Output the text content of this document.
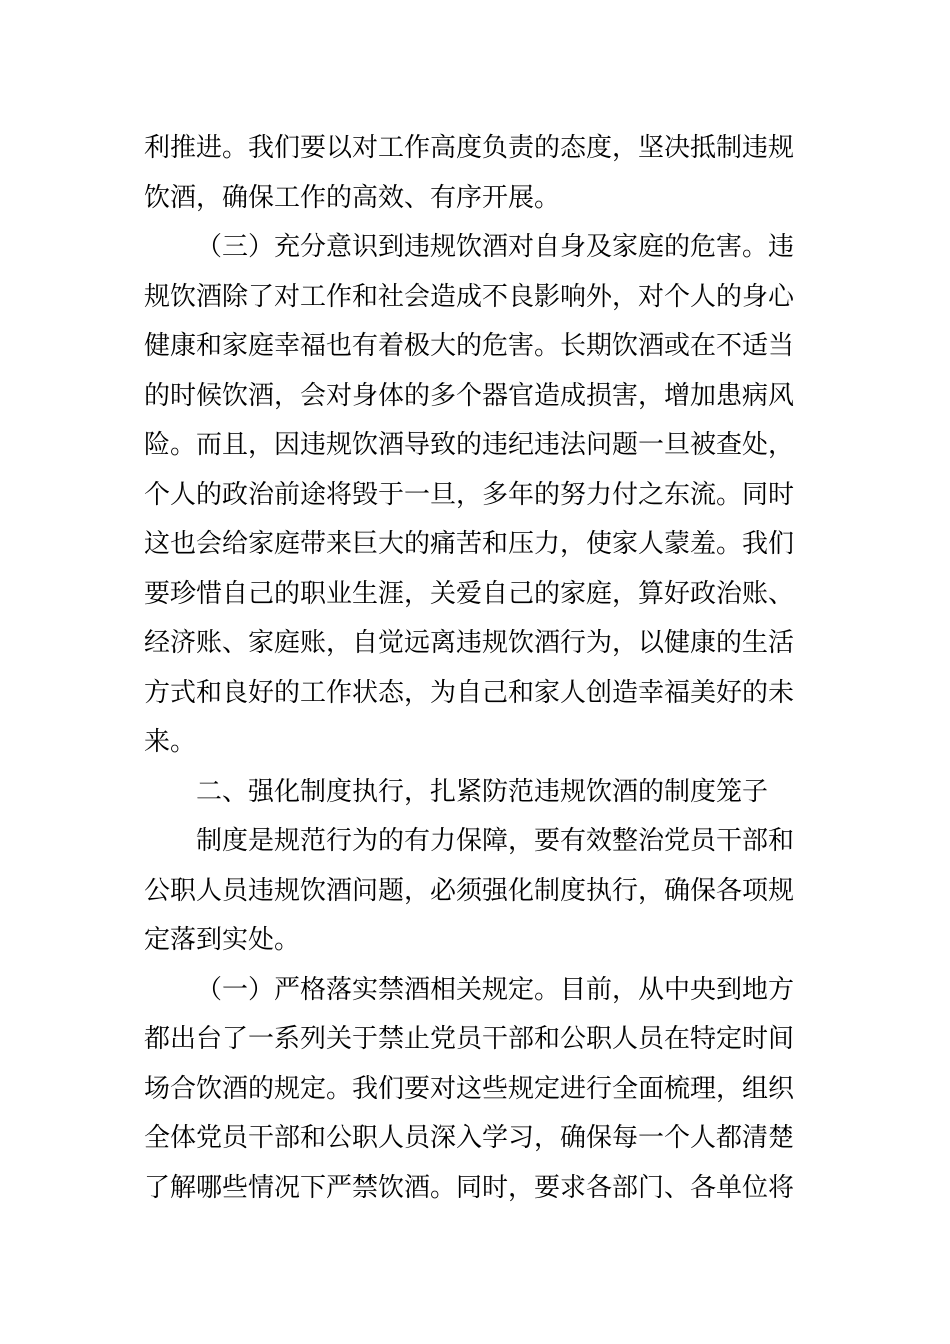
利推进。我们要以对工作高度负责的态度，坚决抵制违规
饮酒，确保工作的高效、有序开展。
（三）充分意识到违规饮酒对自身及家庭的危害。违
规饮酒除了对工作和社会造成不良影响外，对个人的身心
健康和家庭幸福也有着极大的危害。长期饮酒或在不适当
的时候饮酒，会对身体的多个器官造成损害，增加患病风
险。而且，因违规饮酒导致的违纪违法问题一旦被查处，
个人的政治前途将毁于一旦，多年的努力付之东流。同时
这也会给家庭带来巨大的痛苦和压力，使家人蒙羞。我们
要珍惜自己的职业生涯，关爱自己的家庭，算好政治账、
经济账、家庭账，自觉远离违规饮酒行为，以健康的生活
方式和良好的工作状态，为自己和家人创造幸福美好的未
来。
二、强化制度执行，扎紧防范违规饮酒的制度笼子
制度是规范行为的有力保障，要有效整治党员干部和
公职人员违规饮酒问题，必须强化制度执行，确保各项规
定落到实处。
（一）严格落实禁酒相关规定。目前，从中央到地方
都出台了一系列关于禁止党员干部和公职人员在特定时间
场合饮酒的规定。我们要对这些规定进行全面梳理，组织
全体党员干部和公职人员深入学习，确保每一个人都清楚
了解哪些情况下严禁饮酒。同时，要求各部门、各单位将
